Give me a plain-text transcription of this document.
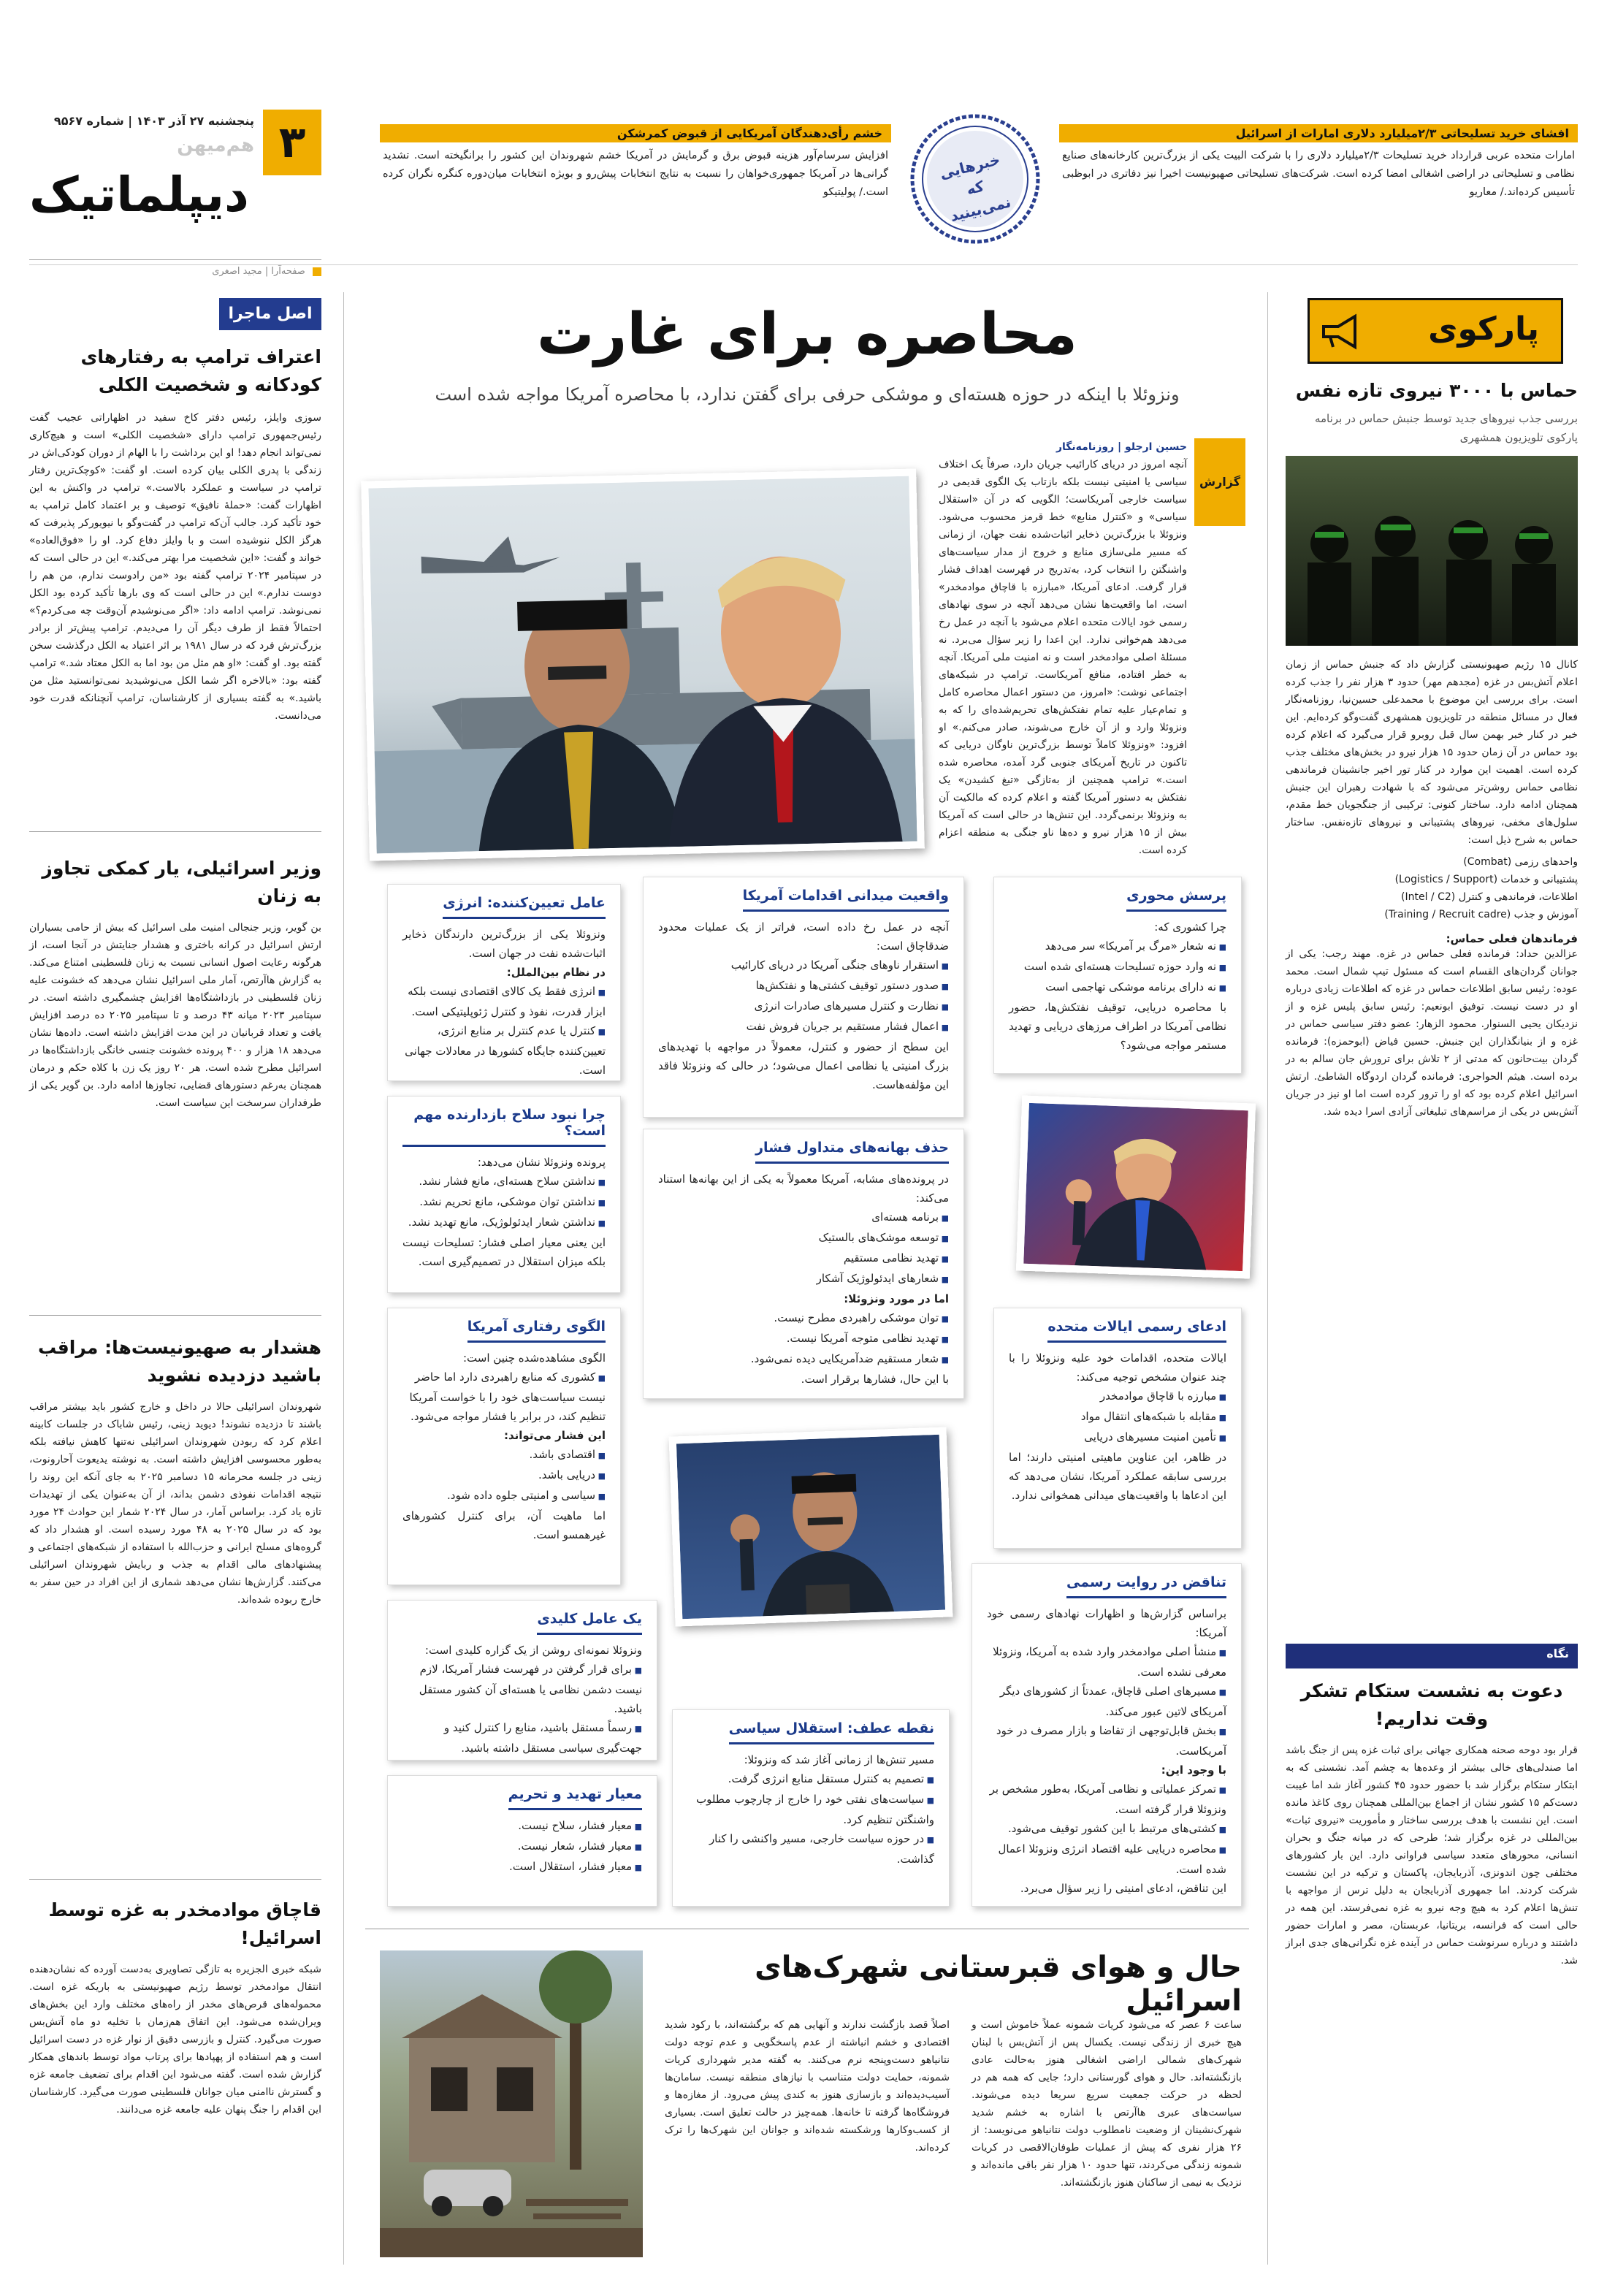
۳
پنجشنبه ۲۷ آذر ۱۴۰۳ | شماره ۹۵۶۷
هم‌میهن
دیپلماتیک
صفحه‌آرا | مجید اصغری
افشای خرید تسلیحاتی ۲/۳میلیارد دلاری امارات از اسرائیل
امارات متحده عربی قرارداد خرید تسلیحات ۲/۳میلیارد دلاری را با شرکت البیت یکی از بزرگ‌ترین کارخانه‌های صنایع نظامی و تسلیحاتی در اراضی اشغالی امضا کرده است. شرکت‌های تسلیحاتی صهیونیست اخیرا نیز دفاتری در ابوظبی تأسیس کرده‌اند./ معاریو
خبرهایی که نمی‌بینید
خشم رأی‌دهندگان آمریکایی از قبوض کمرشکن
افزایش سرسام‌آور هزینه قبوض برق و گرمایش در آمریکا خشم شهروندان این کشور را برانگیخته است. تشدید گرانی‌ها در آمریکا جمهوری‌خواهان را نسبت به نتایج انتخابات پیش‌رو و بویژه انتخابات میان‌دوره کنگره نگران کرده است./ پولیتیکو
اصل ماجرا
اعتراف ترامپ به رفتارهای کودکانه و شخصیت الکلی
سوزی وایلز، رئیس دفتر کاخ سفید در اظهاراتی عجیب گفت رئیس‌جمهوری ترامپ دارای «شخصیت الکلی» است و هیچ‌کاری نمی‌تواند انجام دهد! او این برداشت را با الهام از دوران کودکی‌اش در زندگی با پدری الکلی بیان کرده است. او گفت: «کوچک‌ترین رفتار ترامپ در سیاست و عملکرد بالاست.» ترامپ در واکنش به این اظهارات گفت: «حملهٔ نافیق» توصیف و بر اعتماد کامل ترامپ به خود تأکید کرد. جالب آن‌که ترامپ در گفت‌وگو با نیویورکر پذیرفت که هرگز الکل ننوشیده است و با وایلز دفاع کرد. او را «فوق‌العاده» خواند و گفت: «این شخصیت مرا بهتر می‌کند.» این در حالی است که در سپتامبر ۲۰۲۴ ترامپ گفته بود «من رادوست ندارم، من هم را دوست ندارم.» این در حالی است که وی بارها تأکید کرده بود الکل نمی‌نوشد. ترامپ ادامه داد: «اگر می‌نوشیدم آن‌وقت چه می‌کردم؟» احتمالاً فقط از طرف دیگر آن را می‌دیدم. ترامپ پیش‌تر از برادر بزرگ‌ترش فرد که در سال ۱۹۸۱ بر اثر اعتیاد به الکل درگذشت سخن گفته بود. او گفت: «او هم مثل من بود اما به الکل معتاد شد.» ترامپ گفته بود: «بالاخره اگر شما الکل می‌نوشیدید نمی‌توانستید مثل من باشید.» به گفته‌ بسیاری از کارشناسان، ترامپ آنچنانکه قدرت خود می‌دانست.
وزیر اسرائیلی، یار کمکی تجاوز به زنان
بن گویر، وزیر جنجالی امنیت ملی اسرائیل که بیش از حامی بسیاران ارتش اسرائیل در کرانه باختری و هشدار جنایتش در آنجا است، از هرگونه رعایت اصول انسانی نسبت به زنان فلسطینی امتناع می‌کند. به گزارش هاآرتص، آمار ملی اسرائیل نشان می‌دهد که خشونت علیه زنان فلسطینی در بازداشتگاه‌ها افزایش چشمگیری داشته است. در سپتامبر ۲۰۲۳ میانه ۴۳ درصد و تا سپتامبر ۲۰۲۵ ده درصد افزایش یافت و تعداد قربانیان در این مدت افزایش داشته است. داده‌ها نشان می‌دهد ۱۸ هزار و ۴۰۰ پرونده خشونت جنسی خانگی بازداشتگاه‌ها در اسرائیل مطرح شده است. هر ۲۰ روز یک زن با کلاه حکم و درمان همچنان به‌رغم دستورهای قضایی، تجاوزها ادامه دارد. بن گویر یکی از طرفداران سرسخت این سیاست است.
هشدار به صهیونیست‌ها: مراقب باشید دزدیده نشوید
شهروندان اسرائیلی حالا در داخل و خارج کشور باید بیشتر مراقب باشند تا دزدیده نشوند! دیوید زینی، رئیس شاباک در جلسات کابینه اعلام کرد که ربودن شهروندان اسرائیلی نه‌تنها کاهش نیافته بلکه به‌طور محسوسی افزایش داشته است. به نوشته یدیعوت آحارونوت، زینی در جلسه محرمانه ۱۵ دسامبر ۲۰۲۵ به جای آنکه این روند را نتیجه اقدامات نفوذی دشمن بداند، از آن به‌عنوان یکی از تهدیدات تازه یاد کرد. براساس آمار، در سال ۲۰۲۴ شمار این حوادث ۲۴ مورد بود که در سال ۲۰۲۵ به ۴۸ مورد رسیده است. او هشدار داد که گروه‌های مسلح ایرانی و حزب‌الله با استفاده از شبکه‌های اجتماعی و پیشنهادهای مالی اقدام به جذب و ربایش شهروندان اسرائیلی می‌کنند. گزارش‌ها نشان می‌دهد شماری از این افراد در حین سفر به خارج ربوده شده‌اند.
قاچاق موادمخدر به غزه توسط اسرائیل!
شبکه خبری الجزیره به تازگی تصاویری به‌دست آورده که نشان‌دهنده انتقال موادمخدر توسط رژیم صهیونیستی به باریکه غزه است. محموله‌های قرص‌های مخدر از راه‌های مختلف وارد این بخش‌های ویران‌شده می‌شود. این اتفاق هم‌زمان با تخلیه دو ماه آتش‌بس صورت می‌گیرد. کنترل و بازرسی دقیق از نوار غزه در دست اسرائیل است و هم استفاده از پهپادها برای پرتاب مواد توسط باندهای همکار گزارش شده است. گفته می‌شود این اقدام برای تضعیف جامعه غزه و گسترش ناامنی میان جوانان فلسطینی صورت می‌گیرد. کارشناسان این اقدام را جنگ پنهان علیه جامعه غزه می‌دانند.
پارکوی
حماس با ۳۰۰۰ نیروی تازه نفس
بررسی جذب نیروهای جدید توسط جنبش حماس در برنامه پارکوی تلویزیون همشهری
کانال ۱۵ رژیم صهیونیستی گزارش داد که جنبش حماس از زمان اعلام آتش‌بس در غزه (مجدهم مهر) حدود ۳ هزار نفر را جذب کرده است. برای بررسی این موضوع با محمدعلی حسین‌نیا، روزنامه‌نگار فعال در مسائل منطقه در تلویزیون همشهری گفت‌وگو کرده‌ایم. این خبر در کنار خبر بهمن سال قبل روبرو قرار می‌گیرد که اعلام کرده بود حماس در آن زمان حدود ۱۵ هزار نیرو در بخش‌های مختلف جذب کرده است. اهمیت این موارد در کنار تور اخیر جانشینان فرماندهی نظامی حماس روشن‌تر می‌شود که با شهادت رهبران این جنبش همچنان ادامه دارد. ساختار کنونی: ترکیبی از جنگجویان خط مقدم، سلول‌های مخفی، نیروهای پشتیبانی و نیروهای تازه‌نفس. ساختار حماس به شرح ذیل است:
واحدهای رزمی (Combat)
پشتیبانی و خدمات (Logistics / Support)
اطلاعات، فرماندهی و کنترل (Intel / C2)
آموزش و جذب (Training / Recruit cadre)
فرماندهان فعلی حماس:
عزالدین حداد: فرمانده فعلی حماس در غزه. مهند رجب: یکی از جوانان گردان‌های القسام است که مسئول تیپ شمال است. محمد عوده: رئیس سابق اطلاعات حماس در غزه که اطلاعات زیادی درباره او در دست نیست. توفیق ابونعیم: رئیس سابق پلیس غزه و از نزدیکان یحیی السنوار. محمود الزهار: عضو دفتر سیاسی حماس در غزه و از بنیانگذاران این جنبش. حسین فیاض (ابوحمزه): فرمانده گردان بیت‌حانون که مدتی از ۲ تلاش برای ترورش جان سالم به در برده است. هیثم الحواجری: فرمانده گردان اردوگاه الشاطئ. ارتش اسرائیل اعلام کرده بود که او را ترور کرده است اما او نیز در جریان آتش‌بس در یکی از مراسم‌های تبلیغاتی آزادی اسرا دیده شد.
نگاه
دعوت به نشست ستکام تشکر وقت نداریم!
قرار بود دوحه صحنه همکاری جهانی برای ثبات غزه پس از جنگ باشد اما صندلی‌های خالی بیشتر از وعده‌ها به چشم آمد. نشستی که به ابتکار ستکام برگزار شد با حضور حدود ۴۵ کشور آغاز شد اما غیبت دست‌کم ۱۵ کشور نشان از اجماع بین‌المللی همچنان روی کاغذ مانده است. این نشست با هدف بررسی ساختار و مأموریت «نیروی ثبات» بین‌المللی در غزه برگزار شد؛ طرحی که در میانه جنگ و بحران انسانی، محورهای متعدد سیاسی فراوانی دارد. این بار کشورهای مختلفی چون اندونزی، آذربایجان، پاکستان و ترکیه در این نشست شرکت کردند. اما جمهوری آذربایجان به دلیل ترس از مواجهه با تنش‌ها اعلام کرد به هیچ وجه نیرو به غزه نمی‌فرستد. این همه در حالی است که فرانسه، بریتانیا، عربستان، مصر و امارات حضور داشتند و درباره سرنوشت حماس در آینده غزه نگرانی‌های جدی ابراز شد.
محاصره برای غارت
ونزوئلا با اینکه در حوزه هسته‌ای و موشکی حرفی برای گفتن ندارد، با محاصره آمریکا مواجه شده است
گزارش
حسین ارجلو | روزنامه‌نگار
آنچه امروز در دریای کارائیب جریان دارد، صرفاً یک اختلاف سیاسی یا امنیتی نیست بلکه بازتاب یک الگوی قدیمی در سیاست خارجی آمریکاست؛ الگویی که در آن «استقلال سیاسی» و «کنترل منابع» خط قرمز محسوب می‌شود. ونزوئلا با بزرگ‌ترین ذخایر اثبات‌شده نفت جهان، از زمانی که مسیر ملی‌سازی منابع و خروج از مدار سیاست‌های واشنگتن را انتخاب کرد، به‌تدریج در فهرست اهداف فشار قرار گرفت. ادعای آمریکا، «مبارزه با قاچاق موادمخدر» است، اما واقعیت‌ها نشان می‌دهد آنچه در سوی نهادهای رسمی خود ایالات متحده اعلام می‌شود با آنچه در عمل رخ می‌دهد هم‌خوانی ندارد. این اعدا را زیر سؤال می‌برد. نه مسئلهٔ اصلی موادمخدر است و نه امنیت ملی آمریکا. آنچه به خطر افتاده، منافع آمریکاست. ترامپ در شبکه‌های اجتماعی نوشت: «امروز، من دستور اعمال محاصره کامل و تمام‌عیار علیه تمام نفتکش‌های تحریم‌شده‌ای را که به ونزوئلا وارد و از آن خارج می‌شوند، صادر می‌کنم.» او افزود: «ونزوئلا کاملاً توسط بزرگ‌ترین ناوگان دریایی که تاکنون در تاریخ آمریکای جنوبی گرد آمده، محاصره شده است.» ترامپ همچنین از به‌تازگی «تیغ کشیدن» یک نفتکش به دستور آمریکا گفته و اعلام کرده که مالکیت آن به ونزوئلا برنمی‌گردد. این تنش‌ها در حالی است که آمریکا بیش از ۱۵ هزار نیرو و ده‌ها ناو جنگی به منطقه اعزام کرده است.
پرسش محوری

چرا کشوری که:

■ نه شعار «مرگ بر آمریکا» سر می‌دهد
■ نه وارد حوزه تسلیحات هسته‌ای شده است
■ نه دارای برنامه موشکی تهاجمی است

با محاصره دریایی، توقیف نفتکش‌ها، حضور نظامی آمریکا در اطراف مرزهای دریایی و تهدید مستمر مواجه می‌شود؟

واقعیت میدانی اقدامات آمریکا

آنچه در عمل رخ داده است، فراتر از یک عملیات محدود ضدقاچاق است:

■ استقرار ناوهای جنگی آمریکا در دریای کارائیب
■ صدور دستور توقیف کشتی‌ها و نفتکش‌ها
■ نظارت و کنترل مسیرهای صادرات انرژی
■ اعمال فشار مستقیم بر جریان فروش نفت

این سطح از حضور و کنترل، معمولاً در مواجهه با تهدیدهای بزرگ امنیتی یا نظامی اعمال می‌شود؛ در حالی که ونزوئلا فاقد این مؤلفه‌هاست.

عامل تعیین‌کننده: انرژی

ونزوئلا یکی از بزرگ‌ترین دارندگان ذخایر اثبات‌شده نفت در جهان است.

در نظام بین‌الملل:

■ انرژی فقط یک کالای اقتصادی نیست بلکه ابزار قدرت، نفوذ و کنترل ژئوپلیتیکی است.
■ کنترل یا عدم کنترل بر منابع انرژی، تعیین‌کننده جایگاه کشورها در معادلات جهانی است.
حذف بهانه‌های متداول فشار

در پرونده‌های مشابه، آمریکا معمولاً به یکی از این بهانه‌ها استناد می‌کند:

■ برنامه هسته‌ای
■ توسعه موشک‌های بالستیک
■ تهدید نظامی مستقیم
■ شعارهای ایدئولوژیک آشکار

اما در مورد ونزوئلا:

■ توان موشکی راهبردی مطرح نیست.
■ تهدید نظامی متوجه آمریکا نیست.
■ شعار مستقیم ضدآمریکایی دیده نمی‌شود.

با این حال، فشارها برقرار است.

چرا نبود سلاح بازدارنده مهم است؟

پرونده ونزوئلا نشان می‌دهد:

■ نداشتن سلاح هسته‌ای، مانع فشار نشد.
■ نداشتن توان موشکی، مانع تحریم نشد.
■ نداشتن شعار ایدئولوژیک، مانع تهدید نشد.

این یعنی معیار اصلی فشار: تسلیحات نیست بلکه میزان استقلال در تصمیم‌گیری است.

ادعای رسمی ایالات متحده

ایالات متحده، اقدامات خود علیه ونزوئلا را با چند عنوان مشخص توجیه می‌کند:

■ مبارزه با قاچاق موادمخدر
■ مقابله با شبکه‌های انتقال مواد
■ تأمین امنیت مسیرهای دریایی

در ظاهر، این عناوین ماهیتی امنیتی دارند؛ اما بررسی سابقه عملکرد آمریکا، نشان می‌دهد که این ادعاها با واقعیت‌های میدانی همخوانی ندارد.

الگوی رفتاری آمریکا

الگوی مشاهده‌شده چنین است:

■ کشوری که منابع راهبردی دارد اما حاضر نیست سیاست‌های خود را با خواست آمریکا تنظیم کند، در برابر یا فشار مواجه می‌شود.

این فشار می‌تواند:

■ اقتصادی باشد.
■ دریایی باشد.
■ سیاسی و امنیتی جلوه داده شود.

اما ماهیت آن، برای کنترل کشورهای غیرهمسو است.

تناقض در روایت رسمی

براساس گزارش‌ها و اظهارات نهادهای رسمی خود آمریکا:

■ منشأ اصلی موادمخدر وارد شده به آمریکا، ونزوئلا معرفی نشده است.
■ مسیرهای اصلی قاچاق، عمدتاً از کشورهای دیگر آمریکای لاتین عبور می‌کند.
■ بخش قابل‌توجهی از تقاضا و بازار مصرف در خود آمریکاست.

با وجود این:

■ تمرکز عملیاتی و نظامی آمریکا، به‌طور مشخص بر ونزوئلا قرار گرفته است.
■ کشتی‌های مرتبط با این کشور توقیف می‌شود.
■ محاصره دریایی علیه اقتصاد انرژی ونزوئلا اعمال شده است.

این تناقض، ادعای امنیتی را زیر سؤال می‌برد.

یک عامل کلیدی

ونزوئلا نمونه‌ای روشن از یک گزاره کلیدی است:

■ برای قرار گرفتن در فهرست فشار آمریکا، لازم نیست دشمن نظامی یا هسته‌ای آن کشور مستقل باشید.
■ رسماً مستقل باشید، منابع را کنترل کنید و جهت‌گیری سیاسی مستقل داشته باشید.
نقطه عطف: استقلال سیاسی

مسیر تنش‌ها از زمانی آغاز شد که ونزوئلا:

■ تصمیم به کنترل مستقل منابع انرژی گرفت.
■ سیاست‌های نفتی خود را خارج از چارچوب مطلوب واشنگتن تنظیم کرد.
■ در حوزه سیاست خارجی، مسیر واکنشی را کنار گذاشت.
معیار تهدید و تحریم
■ معیار فشار، سلاح نیست.
■ معیار فشار، شعار نیست.
■ معیار فشار، استقلال است.
حال و هوای قبرستانی شهرک‌های اسرائیل
ساعت ۶ عصر که می‌شود کریات شمونه عملاً خاموش است و هیچ خبری از زندگی نیست. یکسال پس از آتش‌بس با لبنان شهرک‌های شمالی اراضی اشغالی هنوز به‌حالت عادی بازنگشته‌اند. حال و هوای گورستانی دارد؛ جایی که همه هم در لحظه در حرکت جمعیت سریع سریعا دیده می‌شوند. سیاست‌های عبری هاآرتص با اشاره به خشم شدید شهرک‌نشینان از وضعیت نامطلوب دولت نتانیاهو می‌نویسد: از ۲۶ هزار نفری که پیش از عملیات طوفان‌الاقصی در کریات شمونه زندگی می‌کردند، تنها حدود ۱۰ هزار نفر باقی مانده‌اند و نزدیک به نیمی از ساکنان هنوز بازنگشته‌اند.
اصلاً قصد بازگشت ندارند و آنهایی هم که برگشته‌اند، با رکود شدید اقتصادی و خشم انباشته از عدم پاسخگویی و عدم توجه دولت نتانیاهو دست‌وپنجه نرم می‌کنند. به گفته مدیر شهرداری کریات شمونه، حمایت دولت متناسب با نیازهای منطقه نیست. سامان‌ها آسیب‌دیده‌اند و بازسازی هنوز به کندی پیش می‌رود. از مغازه‌ها و فروشگاه‌ها گرفته تا خانه‌ها. همه‌چیز در حالت تعلیق است. بسیاری از کسب‌وکارها ورشکسته شده‌اند و جوانان این شهرک‌ها را ترک کرده‌اند.
